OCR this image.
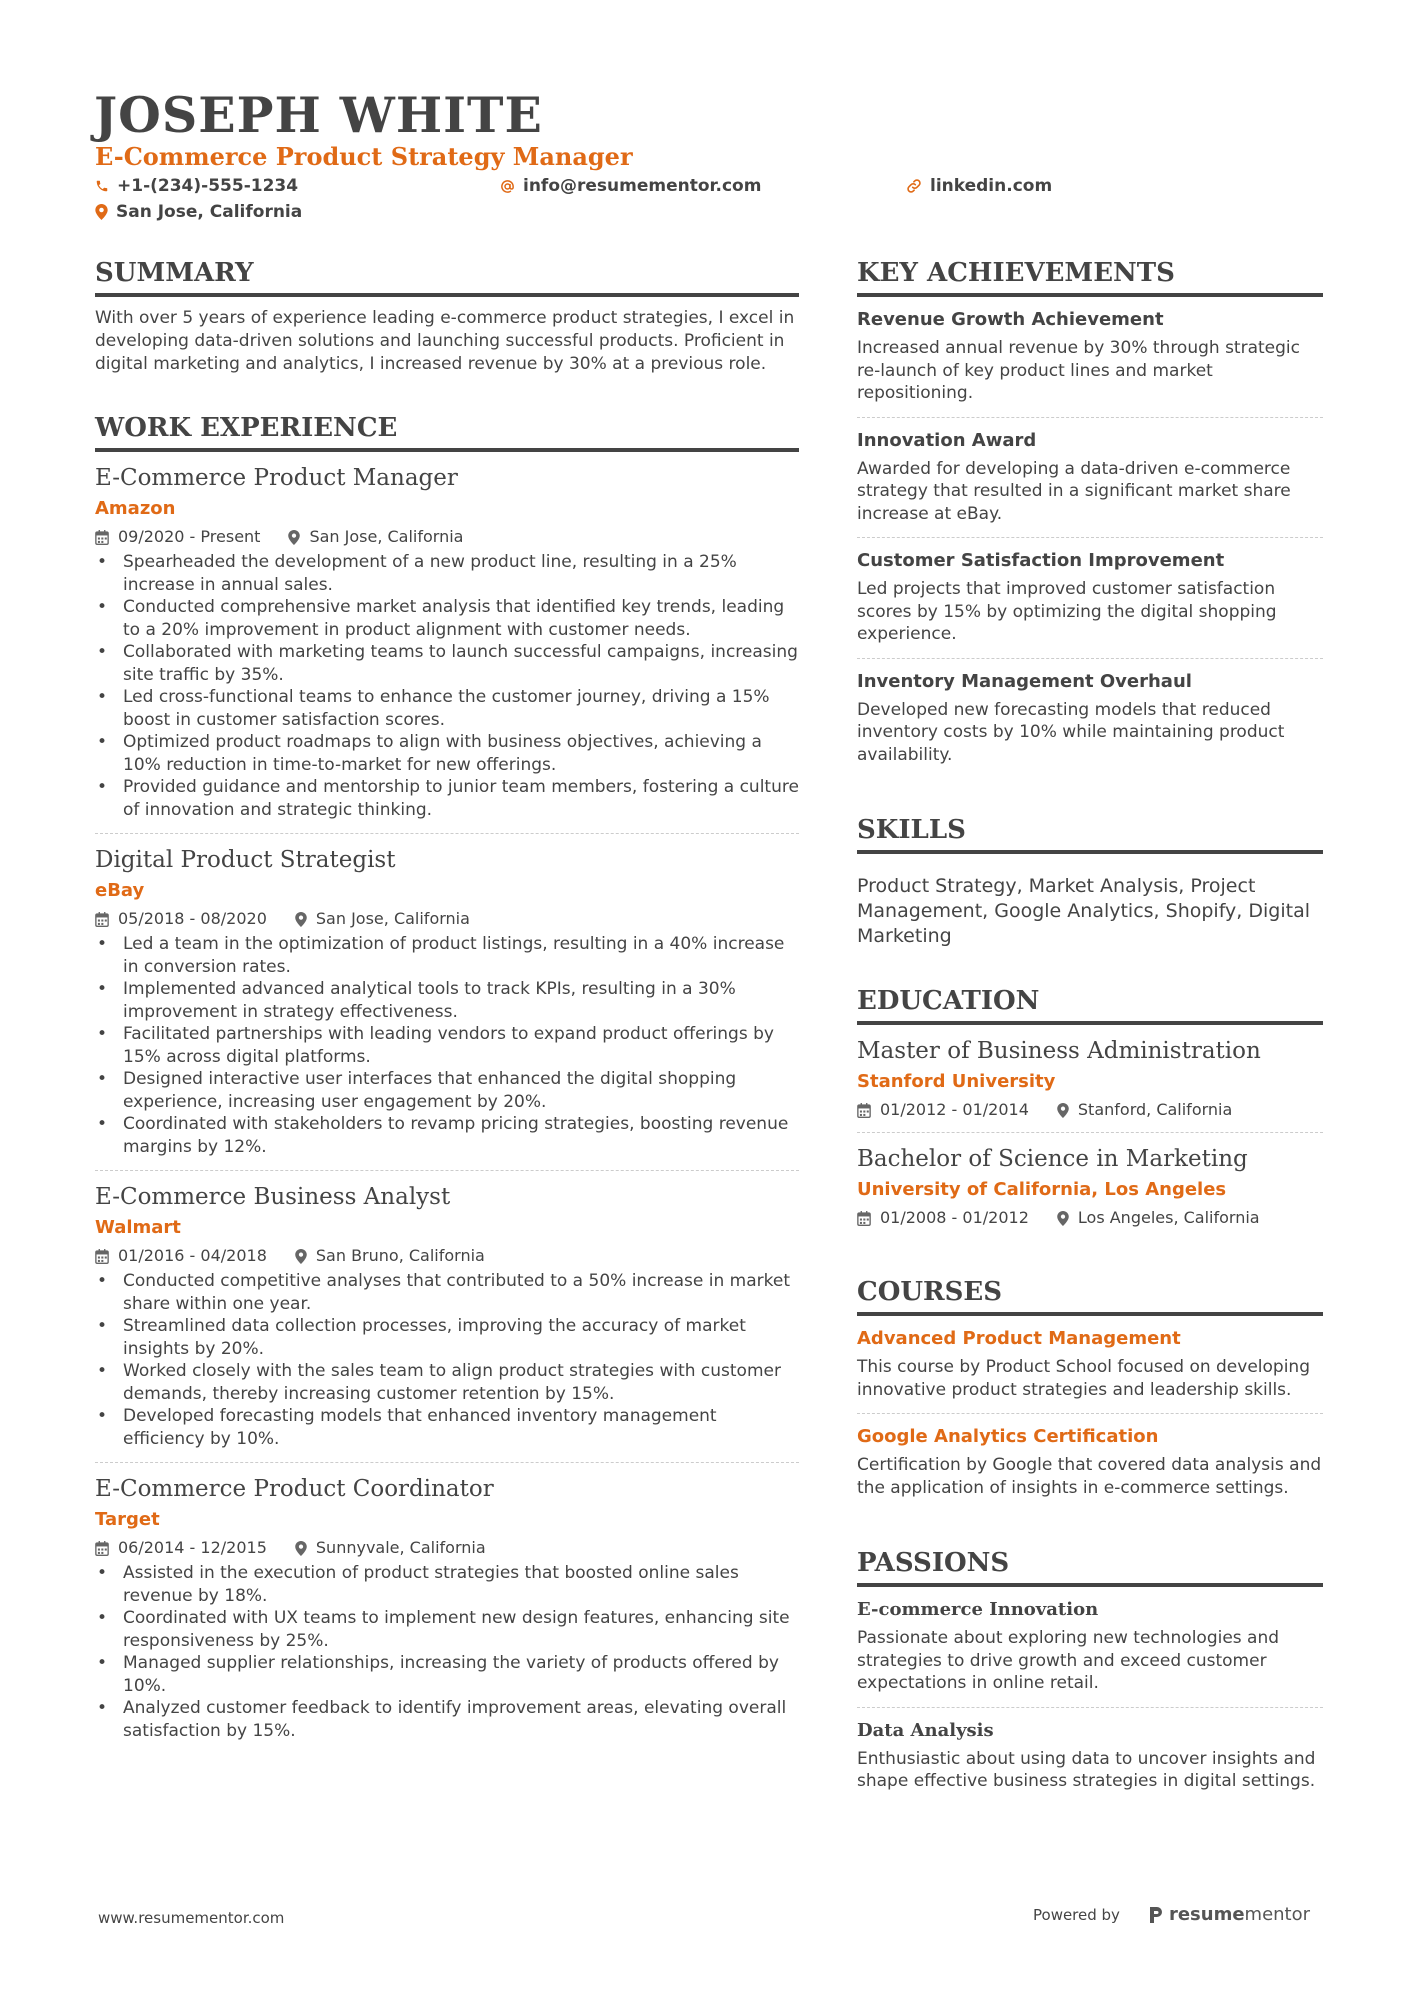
JOSEPH WHITE
E-Commerce Product Strategy Manager
+1-(234)-555-1234	info@resumementor.com	linkedin.com
San Jose, California
SUMMARY

With over 5 years of experience leading e-commerce product strategies, I excel in developing data-driven solutions and launching successful products. Proficient in digital marketing and analytics, I increased revenue by 30% at a previous role.

WORK EXPERIENCE
E-Commerce Product Manager
Amazon
09/2020 - Present	San Jose, California
• Spearheaded the development of a new product line, resulting in a 25% increase in annual sales.
• Conducted comprehensive market analysis that identified key trends, leading to a 20% improvement in product alignment with customer needs.
• Collaborated with marketing teams to launch successful campaigns, increasing site traffic by 35%.
• Led cross-functional teams to enhance the customer journey, driving a 15% boost in customer satisfaction scores.
• Optimized product roadmaps to align with business objectives, achieving a 10% reduction in time-to-market for new offerings.
• Provided guidance and mentorship to junior team members, fostering a culture of innovation and strategic thinking.
Digital Product Strategist
eBay
05/2018 - 08/2020	San Jose, California
• Led a team in the optimization of product listings, resulting in a 40% increase in conversion rates.
• Implemented advanced analytical tools to track KPIs, resulting in a 30% improvement in strategy effectiveness.
• Facilitated partnerships with leading vendors to expand product offerings by 15% across digital platforms.
• Designed interactive user interfaces that enhanced the digital shopping experience, increasing user engagement by 20%.
• Coordinated with stakeholders to revamp pricing strategies, boosting revenue margins by 12%.
E-Commerce Business Analyst
Walmart
01/2016 - 04/2018	San Bruno, California
• Conducted competitive analyses that contributed to a 50% increase in market share within one year.
• Streamlined data collection processes, improving the accuracy of market insights by 20%.
• Worked closely with the sales team to align product strategies with customer demands, thereby increasing customer retention by 15%.
• Developed forecasting models that enhanced inventory management efficiency by 10%.
E-Commerce Product Coordinator
Target
06/2014 - 12/2015	Sunnyvale, California
• Assisted in the execution of product strategies that boosted online sales revenue by 18%.
• Coordinated with UX teams to implement new design features, enhancing site responsiveness by 25%.
• Managed supplier relationships, increasing the variety of products offered by 10%.
• Analyzed customer feedback to identify improvement areas, elevating overall satisfaction by 15%.
KEY ACHIEVEMENTS
Revenue Growth Achievement
Increased annual revenue by 30% through strategic re-launch of key product lines and market repositioning.
Innovation Award
Awarded for developing a data-driven e-commerce strategy that resulted in a significant market share increase at eBay.
Customer Satisfaction Improvement
Led projects that improved customer satisfaction scores by 15% by optimizing the digital shopping experience.
Inventory Management Overhaul
Developed new forecasting models that reduced inventory costs by 10% while maintaining product availability.
SKILLS
Product Strategy, Market Analysis, Project Management, Google Analytics, Shopify, Digital Marketing
EDUCATION
Master of Business Administration
Stanford University
01/2012 - 01/2014	Stanford, California
Bachelor of Science in Marketing
University of California, Los Angeles
01/2008 - 01/2012	Los Angeles, California
COURSES
Advanced Product Management
This course by Product School focused on developing innovative product strategies and leadership skills.
Google Analytics Certification
Certification by Google that covered data analysis and the application of insights in e-commerce settings.
PASSIONS
E-commerce Innovation
Passionate about exploring new technologies and strategies to drive growth and exceed customer expectations in online retail.
Data Analysis
Enthusiastic about using data to uncover insights and shape effective business strategies in digital settings.
www.resumementor.com	Powered by	resume mentor
